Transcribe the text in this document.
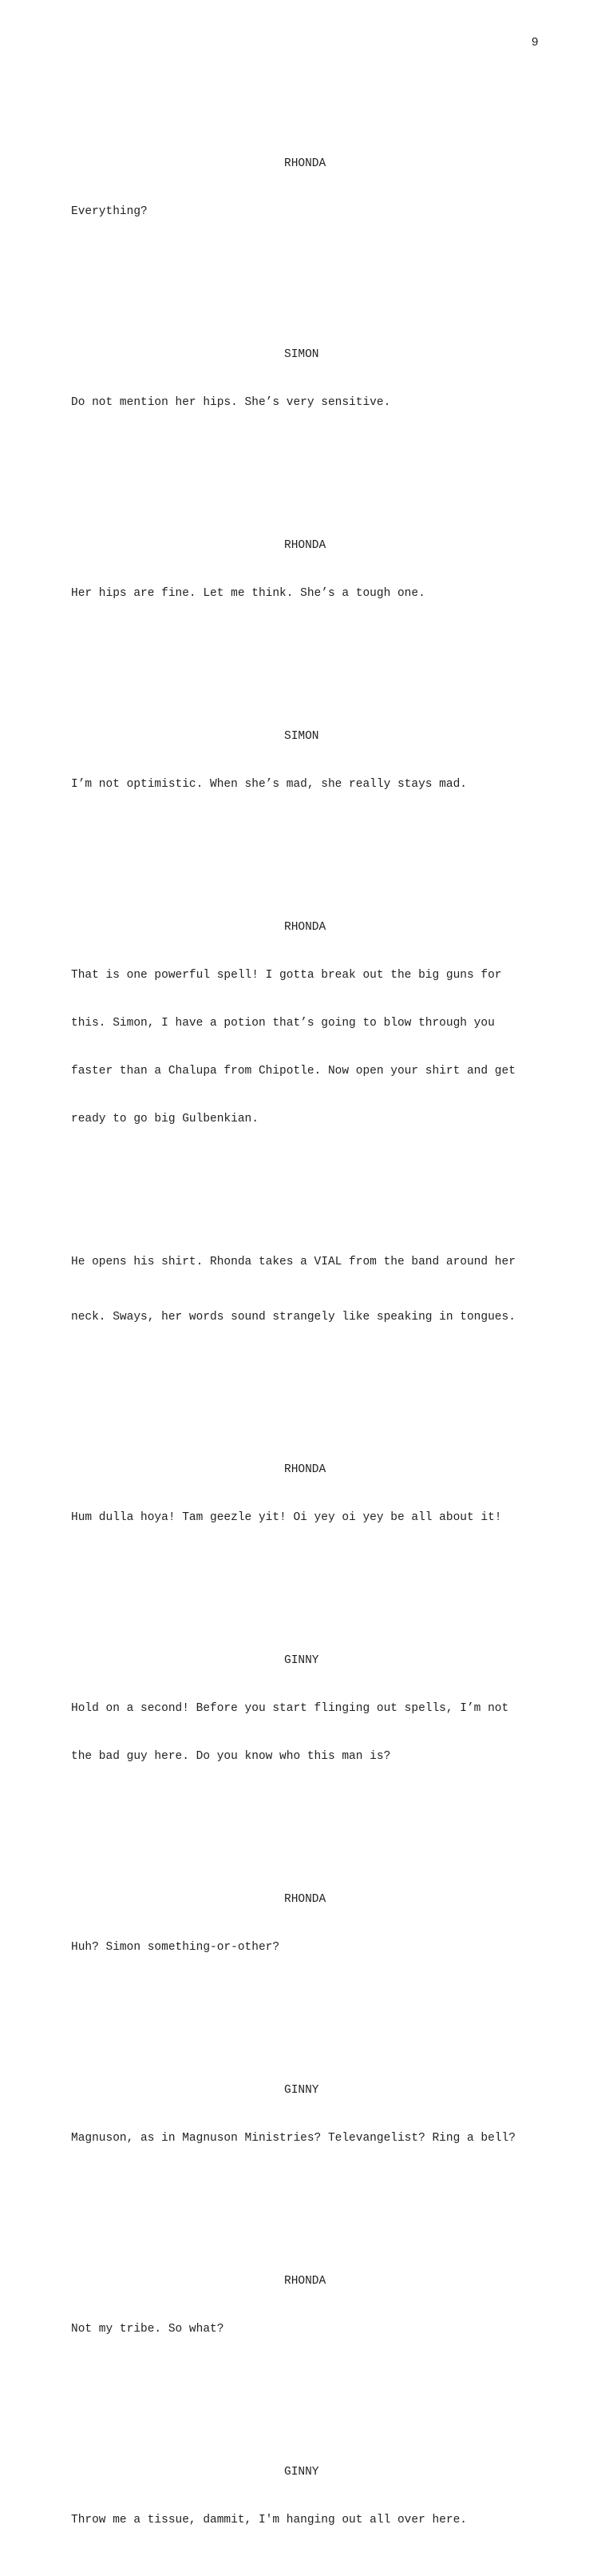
9

RHONDA

Everything?

SIMON

Do not mention her hips. She’s very sensitive.

RHONDA

Her hips are fine. Let me think. She’s a tough one.

SIMON

I’m not optimistic. When she’s mad, she really stays mad.

RHONDA

That is one powerful spell! I gotta break out the big guns for

this. Simon, I have a potion that’s going to blow through you

faster than a Chalupa from Chipotle. Now open your shirt and get

ready to go big Gulbenkian.

He opens his shirt. Rhonda takes a VIAL from the band around her

neck. Sways, her words sound strangely like speaking in tongues.

RHONDA

Hum dulla hoya! Tam geezle yit! Oi yey oi yey be all about it!

GINNY

Hold on a second! Before you start flinging out spells, I’m not

the bad guy here. Do you know who this man is?

RHONDA

Huh? Simon something-or-other?

GINNY

Magnuson, as in Magnuson Ministries? Televangelist? Ring a bell?

RHONDA

Not my tribe. So what?

GINNY

Throw me a tissue, dammit, I'm hanging out all over here.
